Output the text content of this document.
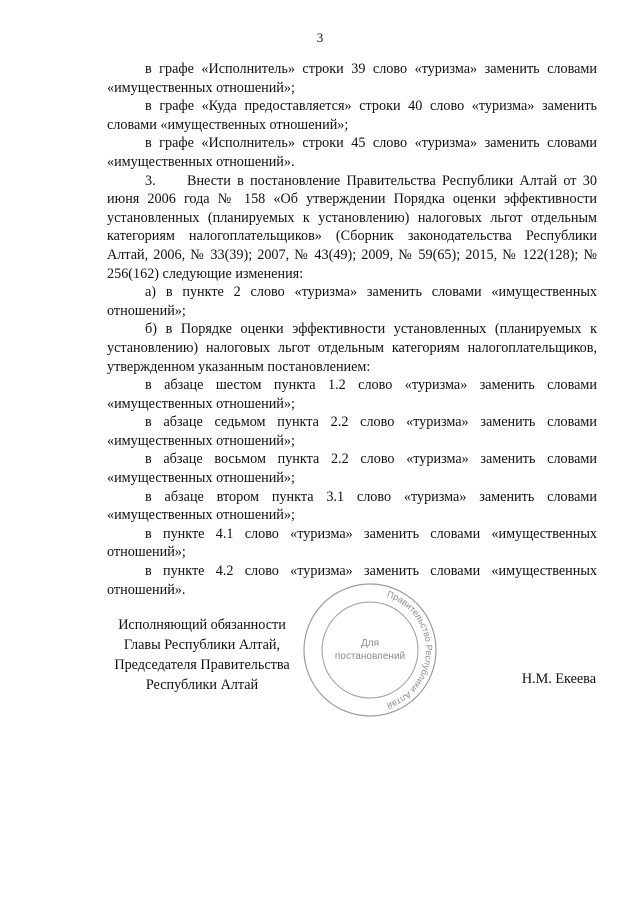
3

в графе «Исполнитель» строки 39 слово «туризма» заменить словами «имущественных отношений»;

в графе «Куда предоставляется» строки 40 слово «туризма» заменить словами «имущественных отношений»;

в графе «Исполнитель» строки 45 слово «туризма» заменить словами «имущественных отношений».

3. Внести в постановление Правительства Республики Алтай от 30 июня 2006 года № 158 «Об утверждении Порядка оценки эффективности установленных (планируемых к установлению) налоговых льгот отдельным категориям налогоплательщиков» (Сборник законодательства Республики Алтай, 2006, № 33(39); 2007, № 43(49); 2009, № 59(65); 2015, № 122(128); № 256(162) следующие изменения:

а) в пункте 2 слово «туризма» заменить словами «имущественных отношений»;

б) в Порядке оценки эффективности установленных (планируемых к установлению) налоговых льгот отдельным категориям налогоплательщиков, утвержденном указанным постановлением:

в абзаце шестом пункта 1.2 слово «туризма» заменить словами «имущественных отношений»;

в абзаце седьмом пункта 2.2 слово «туризма» заменить словами «имущественных отношений»;

в абзаце восьмом пункта 2.2 слово «туризма» заменить словами «имущественных отношений»;

в абзаце втором пункта 3.1 слово «туризма» заменить словами «имущественных отношений»;

в пункте 4.1 слово «туризма» заменить словами «имущественных отношений»;

в пункте 4.2 слово «туризма» заменить словами «имущественных отношений».

Исполняющий обязанности
Главы Республики Алтай,
Председателя Правительства
Республики Алтай
Правительство Республики Алтай
Для
постановлений
Н.М. Екеева
